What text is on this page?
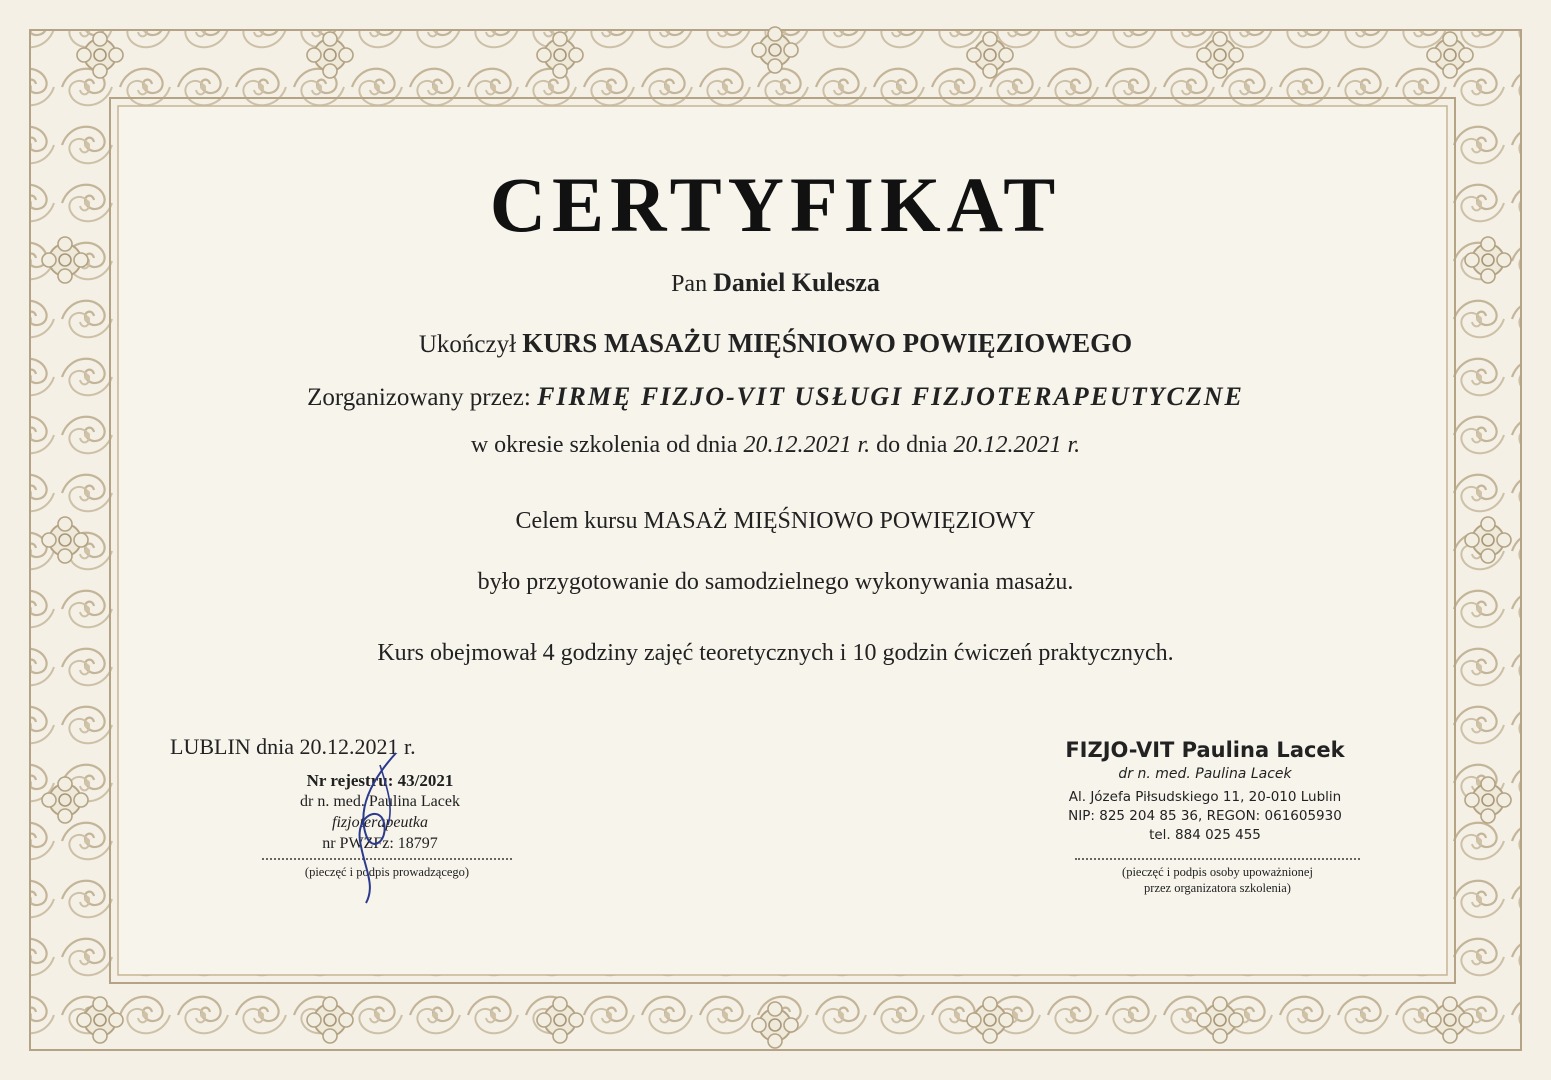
CERTYFIKAT
Pan Daniel Kulesza
Ukończył KURS MASAŻU MIĘŚNIOWO POWIĘZIOWEGO
Zorganizowany przez: FIRMĘ FIZJO-VIT USŁUGI FIZJOTERAPEUTYCZNE
w okresie szkolenia od dnia 20.12.2021 r. do dnia 20.12.2021 r.
Celem kursu MASAŻ MIĘŚNIOWO POWIĘZIOWY
było przygotowanie do samodzielnego wykonywania masażu.
Kurs obejmował 4 godziny zajęć teoretycznych i 10 godzin ćwiczeń praktycznych.
LUBLIN dnia 20.12.2021 r.
Nr rejestru: 43/2021
dr n. med. Paulina Lacek
fizjoterapeutka
nr PWZFz: 18797
(pieczęć i podpis prowadzącego)
FIZJO-VIT Paulina Lacek
dr n. med. Paulina Lacek
Al. Józefa Piłsudskiego 11, 20-010 Lublin
NIP: 825 204 85 36, REGON: 061605930
tel. 884 025 455
(pieczęć i podpis osoby upoważnionej
przez organizatora szkolenia)
